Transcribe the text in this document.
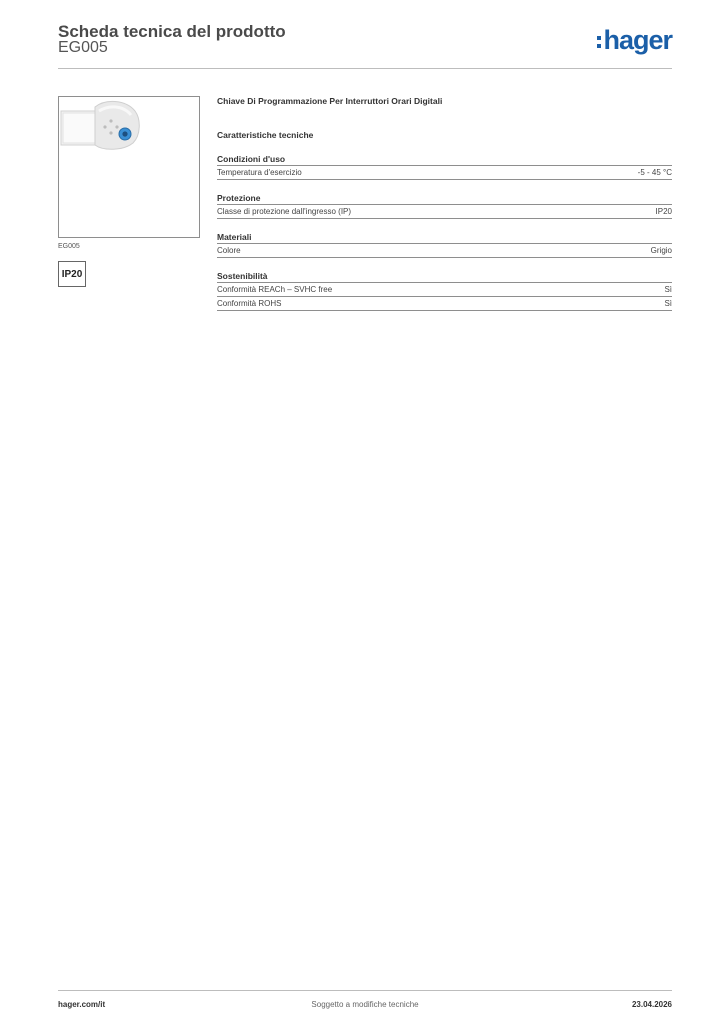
Scheda tecnica del prodotto
EG005	hager
EG005
IP20
Chiave Di Programmazione Per Interruttori Orari Digitali
Caratteristiche tecniche
Condizioni d'uso
Temperatura d'esercizio	-5 - 45 °C
Protezione
Classe di protezione dall'ingresso (IP)	IP20
Materiali
Colore	Grigio
Sostenibilità
Conformità REACh – SVHC free	Sì
Conformità ROHS	Sì
hager.com/it	Soggetto a modifiche tecniche	23.04.2026
